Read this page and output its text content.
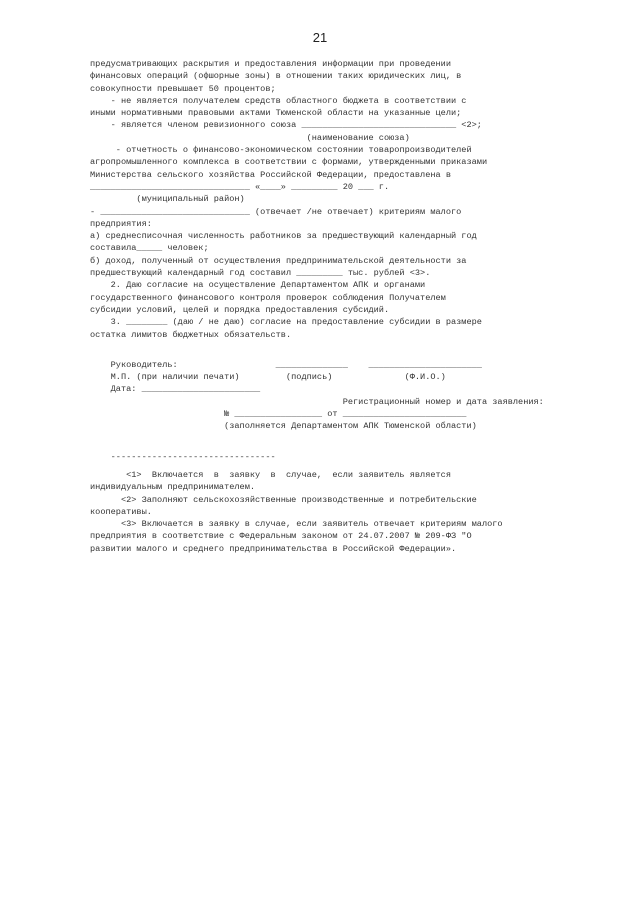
21
предусматривающих раскрытия и предоставления информации при проведении
финансовых операций (офшорные зоны) в отношении таких юридических лиц, в
совокупности превышает 50 процентов;
- не является получателем средств областного бюджета в соответствии с
иными нормативными правовыми актами Тюменской области на указанные цели;
- является членом ревизионного союза ______________________________ <2>;
(наименование союза)
- отчетность о финансово-экономическом состоянии товаропроизводителей
агропромышленного комплекса в соответствии с формами, утвержденными приказами
Министерства сельского хозяйства Российской Федерации, предоставлена в
_______________________________ «____» _________ 20 ___ г.
(муниципальный район)
- _____________________________ (отвечает /не отвечает) критериям малого
предприятия:
а) среднесписочная численность работников за предшествующий календарный год
составила_____ человек;
б) доход, полученный от осуществления предпринимательской деятельности за
предшествующий календарный год составил _________ тыс. рублей <3>.
2. Даю согласие на осуществление Департаментом АПК и органами
государственного финансового контроля проверок соблюдения Получателем
субсидии условий, целей и порядка предоставления субсидий.
3. ________ (даю / не даю) согласие на предоставление субсидии в размере
остатка лимитов бюджетных обязательств.
Руководитель:                   ______________    ______________________
М.П. (при наличии печати)         (подпись)              (Ф.И.О.)
Дата: _______________________
Регистрационный номер и дата заявления:
№ _________________ от ________________________
(заполняется Департаментом АПК Тюменской области)
--------------------------------
<1>  Включается  в  заявку  в  случае,  если заявитель является
индивидуальным предпринимателем.
<2> Заполняют сельскохозяйственные производственные и потребительские
кооперативы.
<3> Включается в заявку в случае, если заявитель отвечает критериям малого
предприятия в соответствие с Федеральным законом от 24.07.2007 № 209-ФЗ "О
развитии малого и среднего предпринимательства в Российской Федерации».
